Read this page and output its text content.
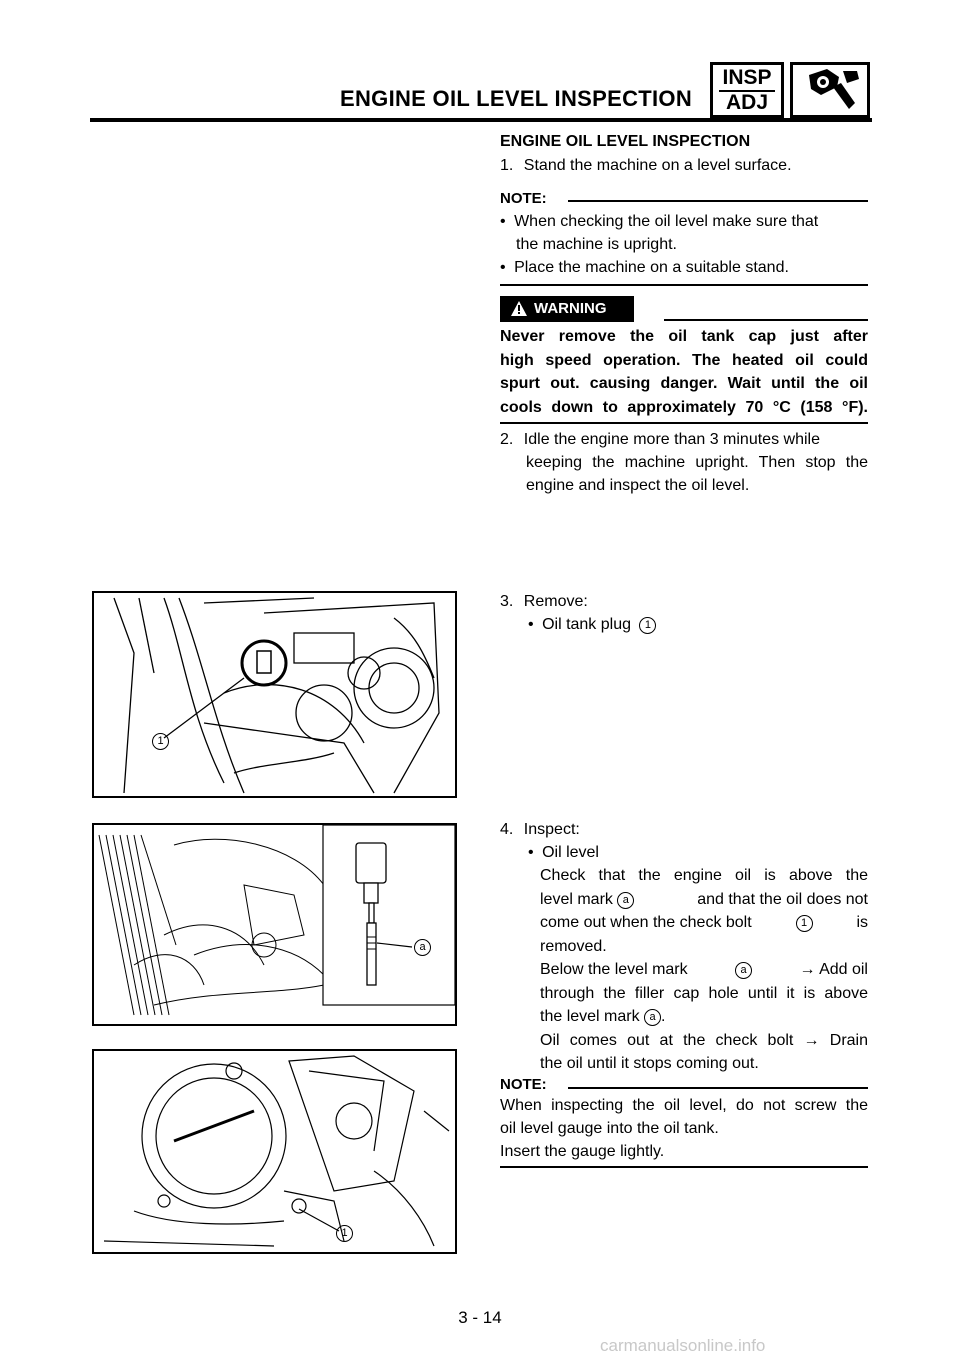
ENGINE OIL LEVEL INSPECTION
INSP
ADJ
ENGINE OIL LEVEL INSPECTION
1. Stand the machine on a level surface.
NOTE:
• When checking the oil level make sure that
the machine is upright.
• Place the machine on a suitable stand.
WARNING
Never remove the oil tank cap just after
high speed operation. The heated oil could
spurt out. causing danger. Wait until the oil
cools down to approximately 70 °C (158 °F).
2. Idle the engine more than 3 minutes while
keeping the machine upright. Then stop the
engine and inspect the oil level.
3. Remove:
• Oil tank plug 1
4. Inspect:
• Oil level
Check that the engine oil is above the
level mark a	and that the oil does not
come out when the check bolt	1	is
removed.
Below the level mark	a	→ Add oil
through the filler cap hole until it is above
the level mark a .
Oil comes out at the check bolt → Drain
the oil until it stops coming out.
NOTE:
When inspecting the oil level, do not screw the
oil level gauge into the oil tank.
Insert the gauge lightly.
1
a
1
3 - 14
carmanualsonline.info
